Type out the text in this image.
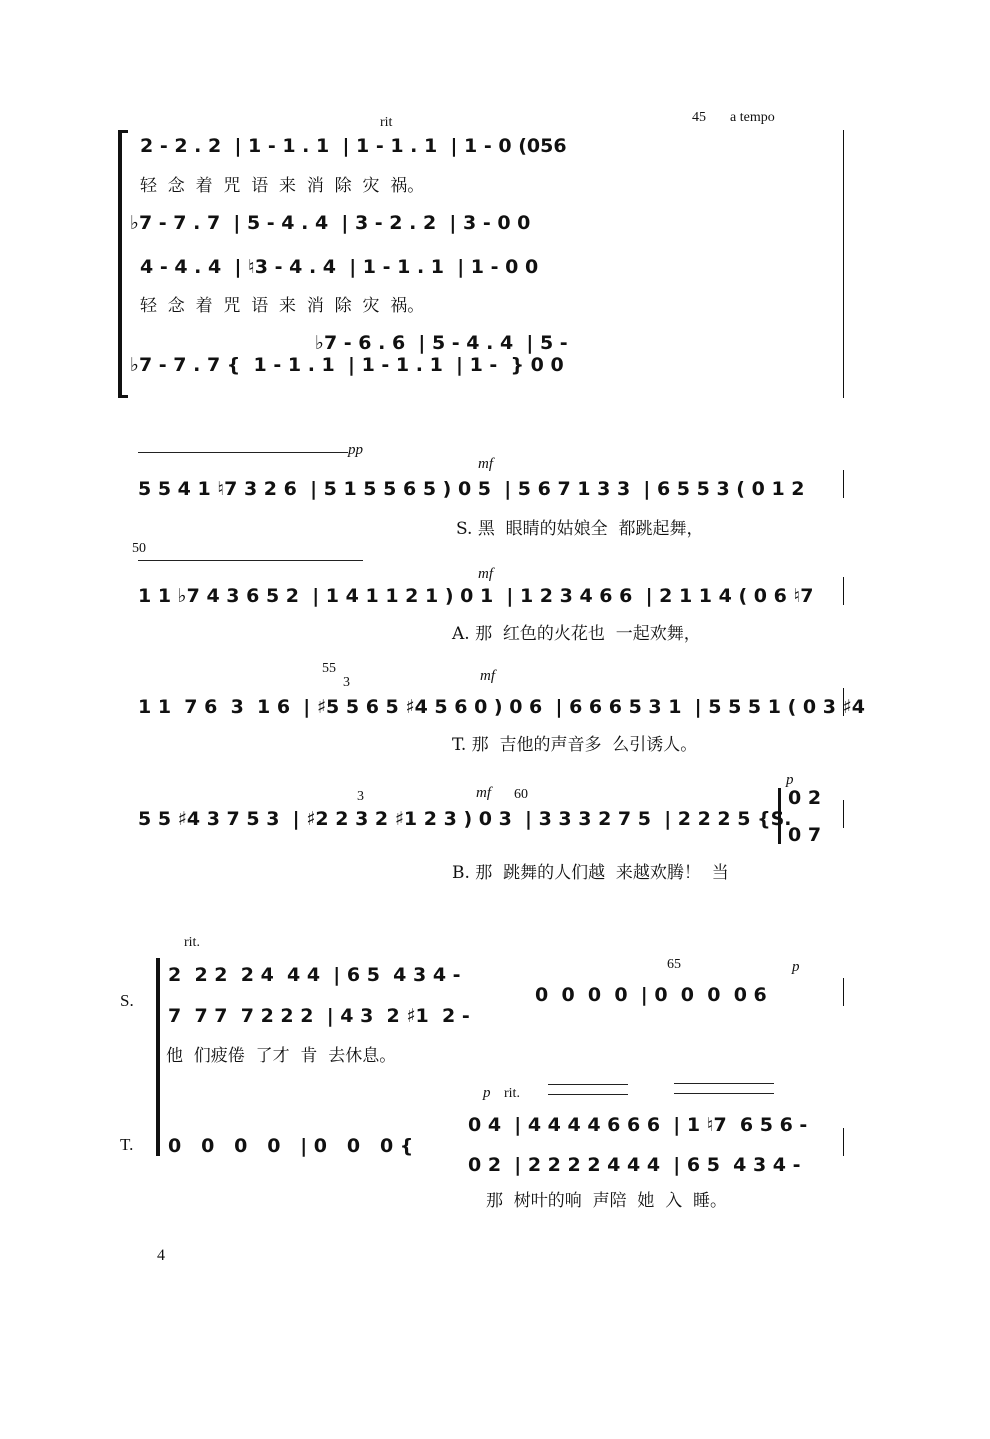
rit	45 a tempo
2 - 2 . 2  | 1 - 1 . 1  | 1 - 1 . 1  | 1 - 0 (056
轻  念  着  咒  语  来  消  除  灾  祸。
♭7 - 7 . 7  | 5 - 4 . 4  | 3 - 2 . 2  | 3 - 0 0
4 - 4 . 4  | ♮3 - 4 . 4  | 1 - 1 . 1  | 1 - 0 0
轻  念  着  咒  语  来  消  除  灾  祸。
♭7 - 6 . 6  | 5 - 4 . 4  | 5 -
♭7 - 7 . 7 {  1 - 1 . 1  | 1 - 1 . 1  | 1 -  } 0 0
pp
mf
5 5 4 1 ♮7 3 2 6  | 5 1 5 5 6 5 ) 0 5  | 5 6 7 1 3 3  | 6 5 5 3 ( 0 1 2
S. 黑  眼睛的姑娘全  都跳起舞，
50
mf
1 1 ♭7 4 3 6 5 2  | 1 4 1 1 2 1 ) 0 1  | 1 2 3 4 6 6  | 2 1 1 4 ( 0 6 ♮7
A. 那  红色的火花也  一起欢舞，
55
3	mf
1 1  7 6  3  1 6  | ♯5 5 6 5 ♯4 5 6 0 ) 0 6  | 6 6 6 5 3 1  | 5 5 5 1 ( 0 3 ♯4
T. 那  吉他的声音多  么引诱人。
3	mf 60
p
5 5 ♯4 3 7 5 3  | ♯2 2 3 2 ♯1 2 3 ) 0 3  | 3 3 3 2 7 5  | 2 2 2 5 {S.
0 2
0 7
B. 那  跳舞的人们越  来越欢腾！  当
rit.
65	p
S.
2  2 2  2 4  4 4  | 6 5  4 3 4 -
7  7 7  7 2 2 2  | 4 3  2 ♯1  2 -
0  0  0  0  | 0  0  0  0 6
他  们疲倦  了才  肯  去休息。
p rit.
T. 0   0   0   0   | 0   0   0 {
0 4  | 4 4 4 4 6 6 6  | 1 ♮7  6 5 6 -
0 2  | 2 2 2 2 4 4 4  | 6 5  4 3 4 -
那  树叶的响  声陪  她  入  睡。
4
